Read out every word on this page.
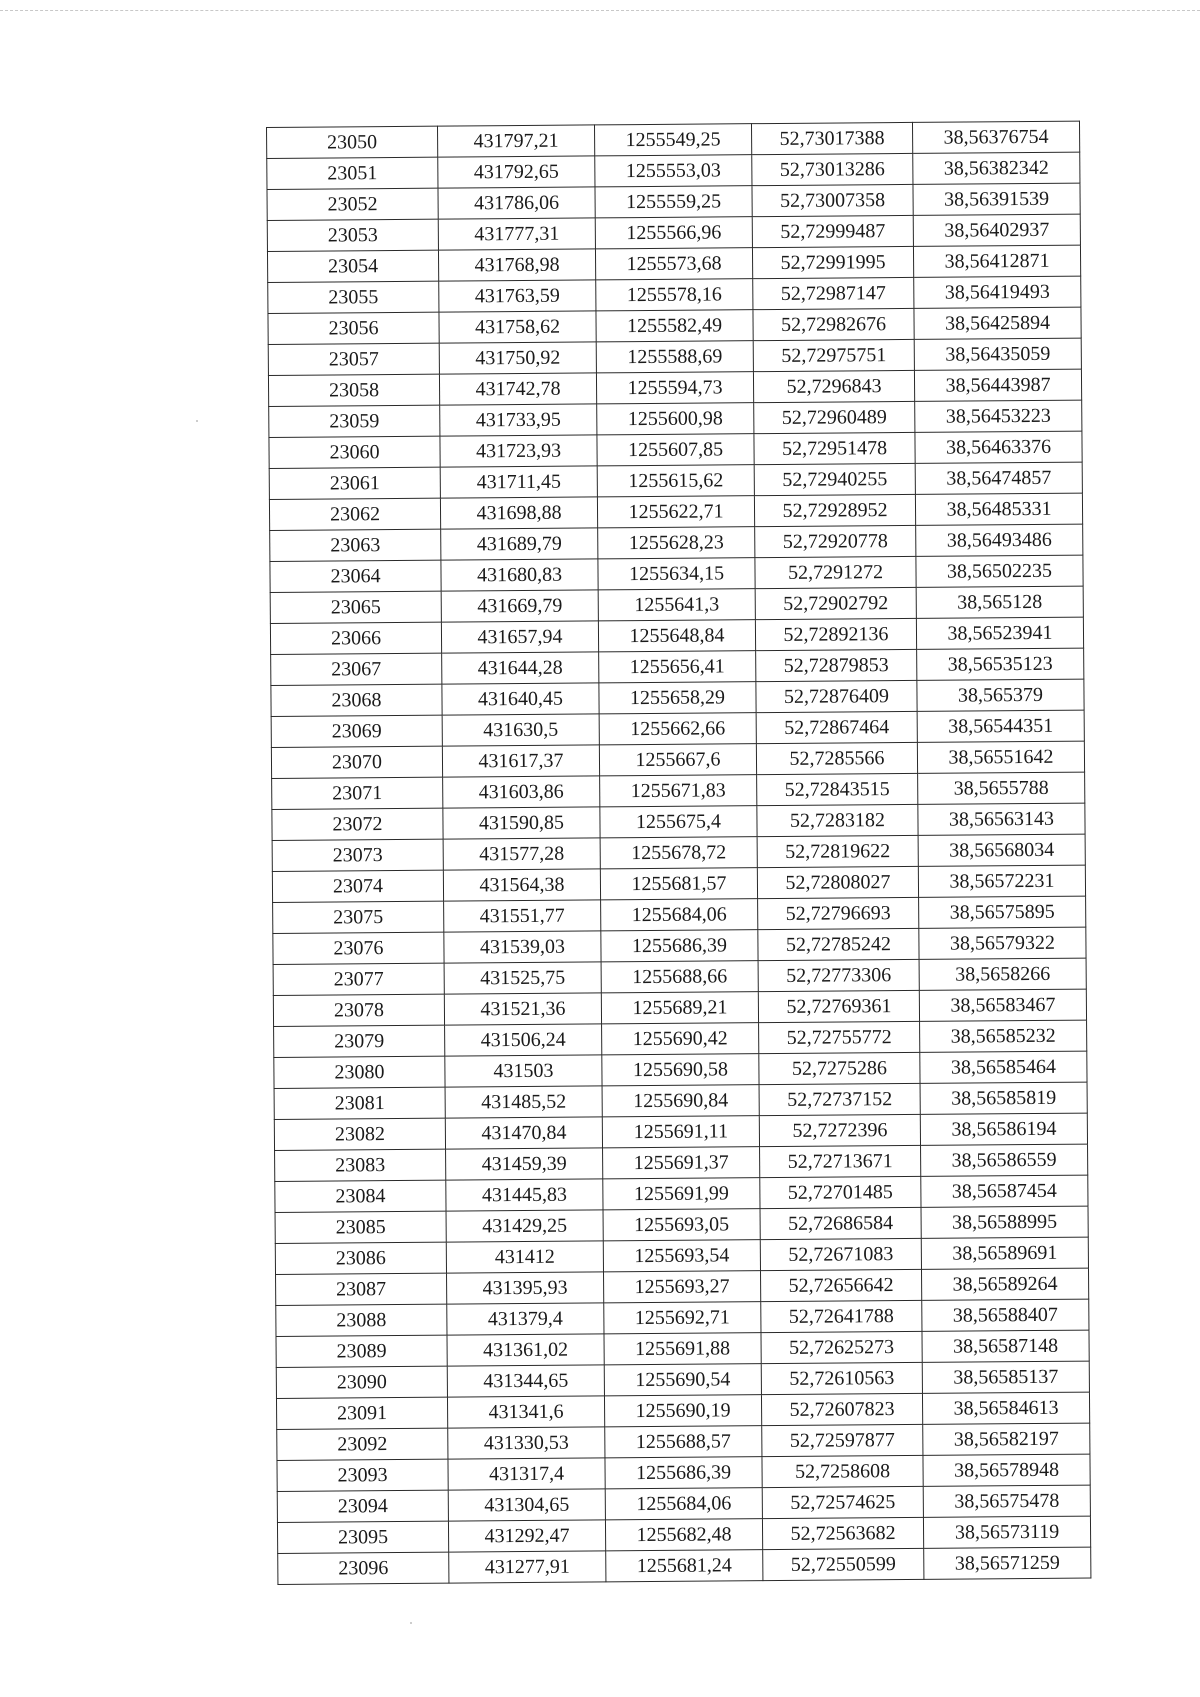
23050	431797,21	1255549,25	52,73017388	38,56376754
23051	431792,65	1255553,03	52,73013286	38,56382342
23052	431786,06	1255559,25	52,73007358	38,56391539
23053	431777,31	1255566,96	52,72999487	38,56402937
23054	431768,98	1255573,68	52,72991995	38,56412871
23055	431763,59	1255578,16	52,72987147	38,56419493
23056	431758,62	1255582,49	52,72982676	38,56425894
23057	431750,92	1255588,69	52,72975751	38,56435059
23058	431742,78	1255594,73	52,7296843	38,56443987
23059	431733,95	1255600,98	52,72960489	38,56453223
23060	431723,93	1255607,85	52,72951478	38,56463376
23061	431711,45	1255615,62	52,72940255	38,56474857
23062	431698,88	1255622,71	52,72928952	38,56485331
23063	431689,79	1255628,23	52,72920778	38,56493486
23064	431680,83	1255634,15	52,7291272	38,56502235
23065	431669,79	1255641,3	52,72902792	38,565128
23066	431657,94	1255648,84	52,72892136	38,56523941
23067	431644,28	1255656,41	52,72879853	38,56535123
23068	431640,45	1255658,29	52,72876409	38,565379
23069	431630,5	1255662,66	52,72867464	38,56544351
23070	431617,37	1255667,6	52,7285566	38,56551642
23071	431603,86	1255671,83	52,72843515	38,5655788
23072	431590,85	1255675,4	52,7283182	38,56563143
23073	431577,28	1255678,72	52,72819622	38,56568034
23074	431564,38	1255681,57	52,72808027	38,56572231
23075	431551,77	1255684,06	52,72796693	38,56575895
23076	431539,03	1255686,39	52,72785242	38,56579322
23077	431525,75	1255688,66	52,72773306	38,5658266
23078	431521,36	1255689,21	52,72769361	38,56583467
23079	431506,24	1255690,42	52,72755772	38,56585232
23080	431503	1255690,58	52,7275286	38,56585464
23081	431485,52	1255690,84	52,72737152	38,56585819
23082	431470,84	1255691,11	52,7272396	38,56586194
23083	431459,39	1255691,37	52,72713671	38,56586559
23084	431445,83	1255691,99	52,72701485	38,56587454
23085	431429,25	1255693,05	52,72686584	38,56588995
23086	431412	1255693,54	52,72671083	38,56589691
23087	431395,93	1255693,27	52,72656642	38,56589264
23088	431379,4	1255692,71	52,72641788	38,56588407
23089	431361,02	1255691,88	52,72625273	38,56587148
23090	431344,65	1255690,54	52,72610563	38,56585137
23091	431341,6	1255690,19	52,72607823	38,56584613
23092	431330,53	1255688,57	52,72597877	38,56582197
23093	431317,4	1255686,39	52,7258608	38,56578948
23094	431304,65	1255684,06	52,72574625	38,56575478
23095	431292,47	1255682,48	52,72563682	38,56573119
23096	431277,91	1255681,24	52,72550599	38,56571259
